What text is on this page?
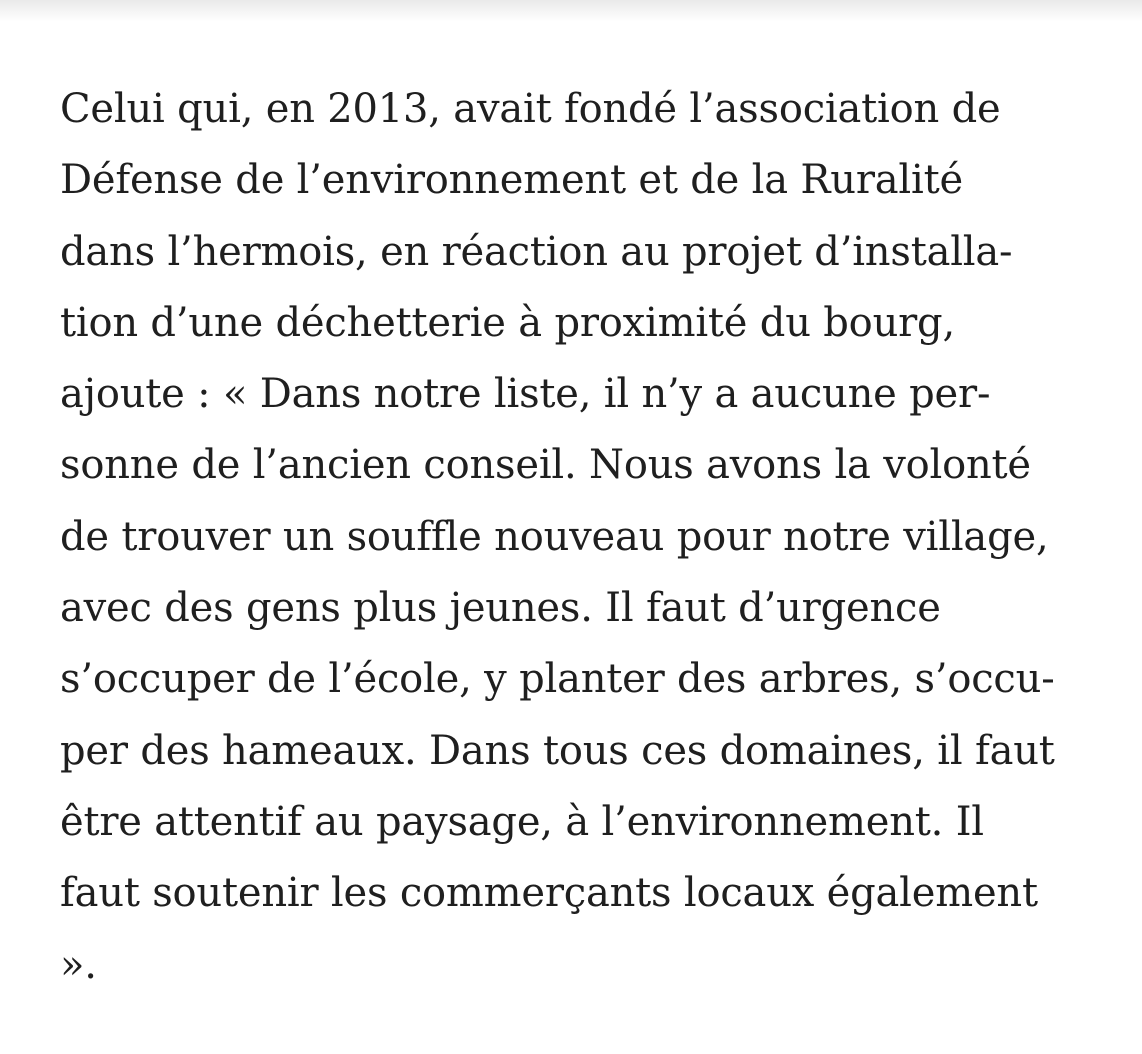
Celui qui, en 2013, avait fondé l’association de
Défense de l’environnement et de la Ruralité
dans l’hermois, en réaction au projet d’installa-
tion d’une déchetterie à proximité du bourg,
ajoute : « Dans notre liste, il n’y a aucune per-
sonne de l’ancien conseil. Nous avons la volonté
de trouver un souffle nouveau pour notre village,
avec des gens plus jeunes. Il faut d’urgence
s’occuper de l’école, y planter des arbres, s’occu-
per des hameaux. Dans tous ces domaines, il faut
être attentif au paysage, à l’environnement. Il
faut soutenir les commerçants locaux également
».
